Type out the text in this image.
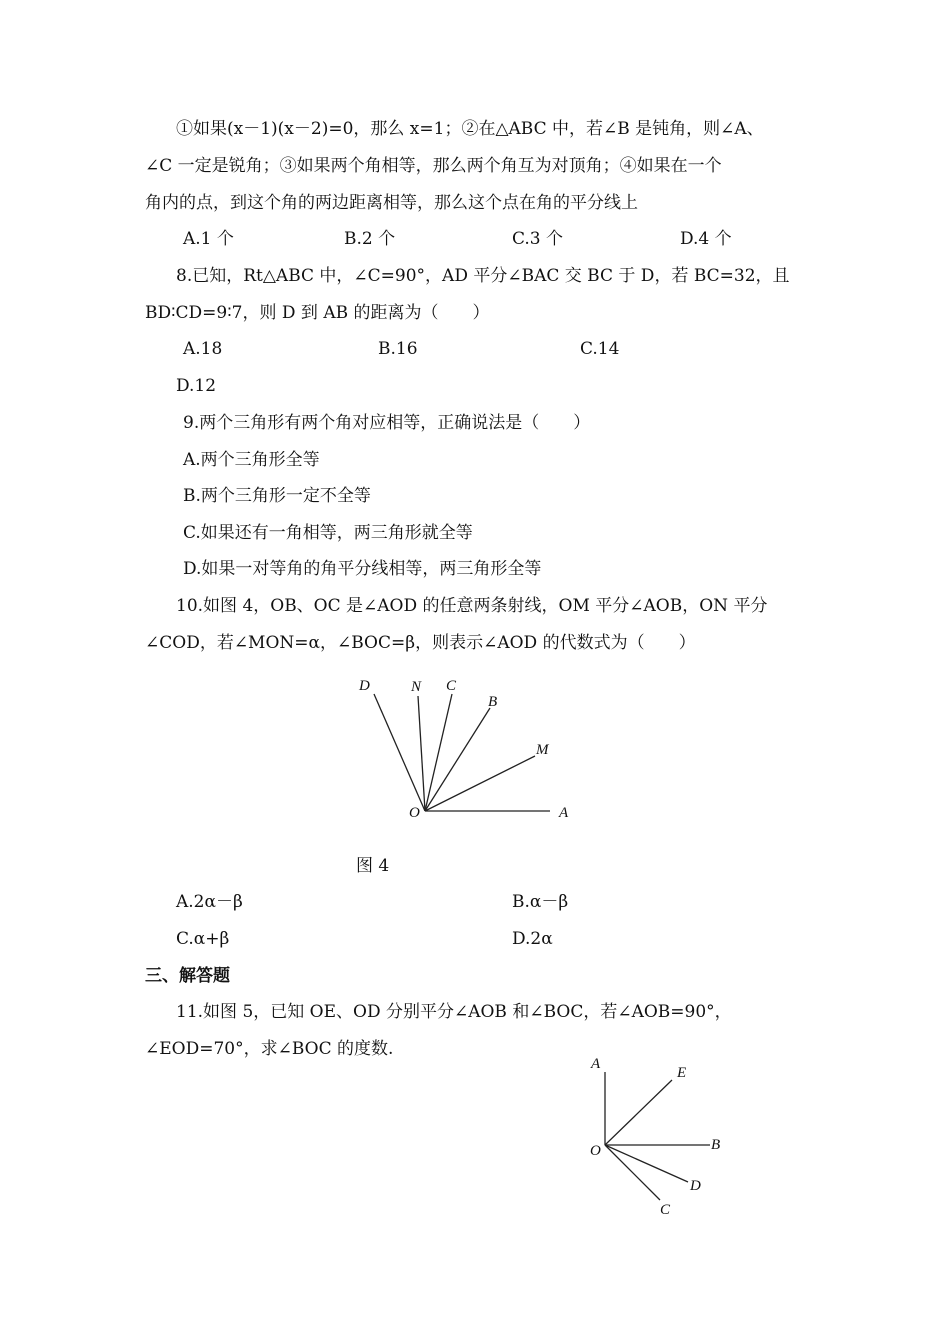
①如果(x－1)(x－2)=0，那么 x=1；②在△ABC 中，若∠B 是钝角，则∠A、
∠C 一定是锐角；③如果两个角相等，那么两个角互为对顶角；④如果在一个
角内的点，到这个角的两边距离相等，那么这个点在角的平分线上
A.1 个	B.2 个	C.3 个	D.4 个
8.已知，Rt△ABC 中，∠C=90°，AD 平分∠BAC 交 BC 于 D，若 BC=32，且
BD∶CD=9∶7，则 D 到 AB 的距离为（　　）
A.18	B.16	C.14
D.12
9.两个三角形有两个角对应相等，正确说法是（　　）
A.两个三角形全等
B.两个三角形一定不全等
C.如果还有一角相等，两三角形就全等
D.如果一对等角的角平分线相等，两三角形全等
10.如图 4，OB、OC 是∠AOD 的任意两条射线，OM 平分∠AOB，ON 平分
∠COD，若∠MON=α，∠BOC=β，则表示∠AOD 的代数式为（　　）
D	N C
B
M
O	A
图 4
A.2α－β	B.α－β
C.α+β	D.2α
三、解答题
11.如图 5，已知 OE、OD 分别平分∠AOB 和∠BOC，若∠AOB=90°，
∠EOD=70°，求∠BOC 的度数.
A
E
O	B
D
C
